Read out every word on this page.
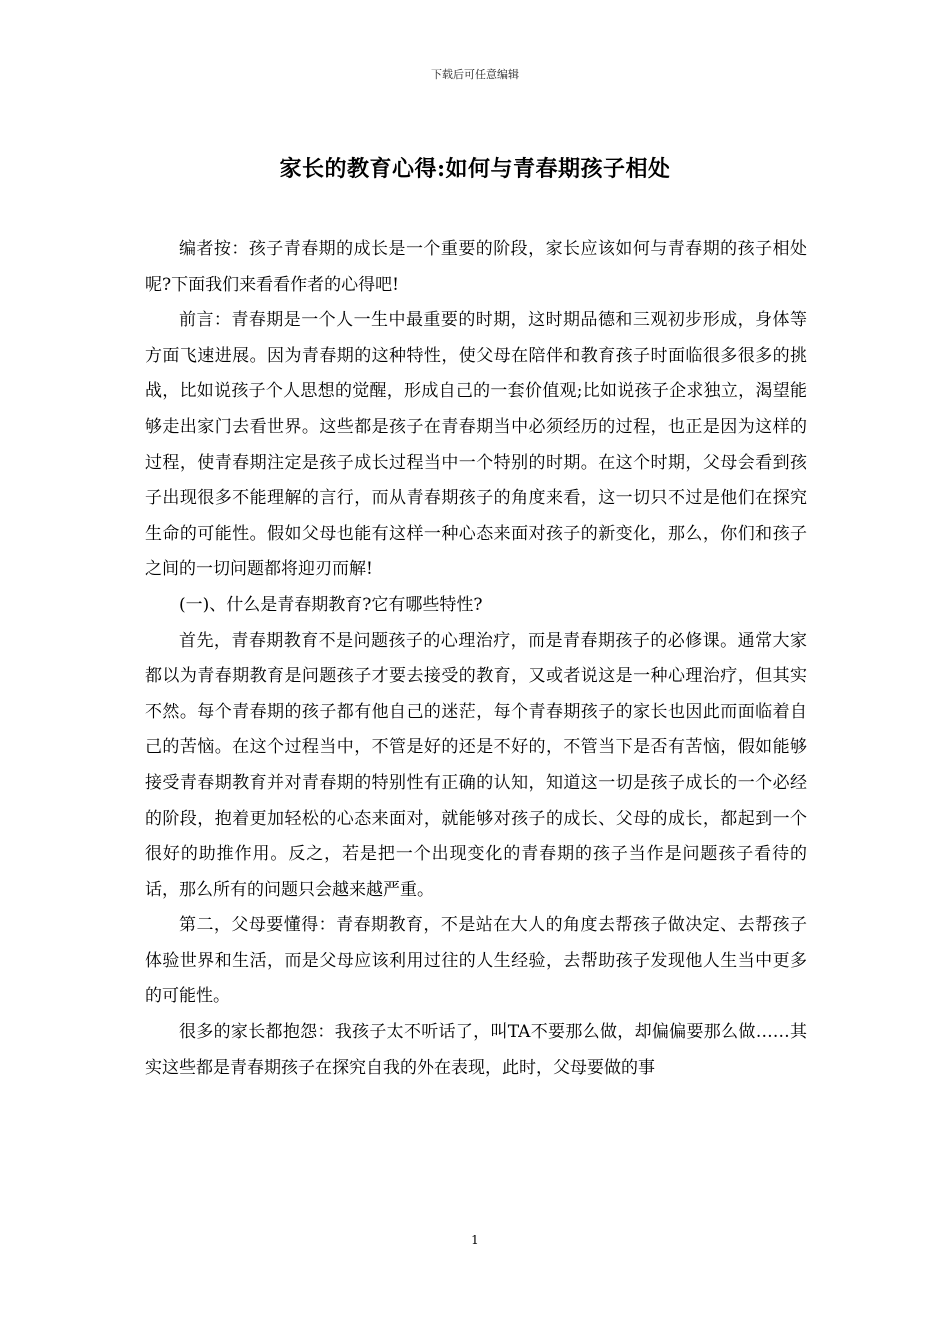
下载后可任意编辑
家长的教育心得:如何与青春期孩子相处

编者按：孩子青春期的成长是一个重要的阶段，家长应该如何与青春期的孩子相处呢?下面我们来看看作者的心得吧!

前言：青春期是一个人一生中最重要的时期，这时期品德和三观初步形成，身体等方面飞速进展。因为青春期的这种特性，使父母在陪伴和教育孩子时面临很多很多的挑战，比如说孩子个人思想的觉醒，形成自己的一套价值观;比如说孩子企求独立，渴望能够走出家门去看世界。这些都是孩子在青春期当中必须经历的过程，也正是因为这样的过程，使青春期注定是孩子成长过程当中一个特别的时期。在这个时期，父母会看到孩子出现很多不能理解的言行，而从青春期孩子的角度来看，这一切只不过是他们在探究生命的可能性。假如父母也能有这样一种心态来面对孩子的新变化，那么，你们和孩子之间的一切问题都将迎刃而解!

(一)、什么是青春期教育?它有哪些特性?

首先，青春期教育不是问题孩子的心理治疗，而是青春期孩子的必修课。通常大家都以为青春期教育是问题孩子才要去接受的教育，又或者说这是一种心理治疗，但其实不然。每个青春期的孩子都有他自己的迷茫，每个青春期孩子的家长也因此而面临着自己的苦恼。在这个过程当中，不管是好的还是不好的，不管当下是否有苦恼，假如能够接受青春期教育并对青春期的特别性有正确的认知，知道这一切是孩子成长的一个必经的阶段，抱着更加轻松的心态来面对，就能够对孩子的成长、父母的成长，都起到一个很好的助推作用。反之，若是把一个出现变化的青春期的孩子当作是问题孩子看待的话，那么所有的问题只会越来越严重。

第二，父母要懂得：青春期教育，不是站在大人的角度去帮孩子做决定、去帮孩子体验世界和生活，而是父母应该利用过往的人生经验，去帮助孩子发现他人生当中更多的可能性。

很多的家长都抱怨：我孩子太不听话了，叫TA不要那么做，却偏偏要那么做……其实这些都是青春期孩子在探究自我的外在表现，此时，父母要做的事

1
